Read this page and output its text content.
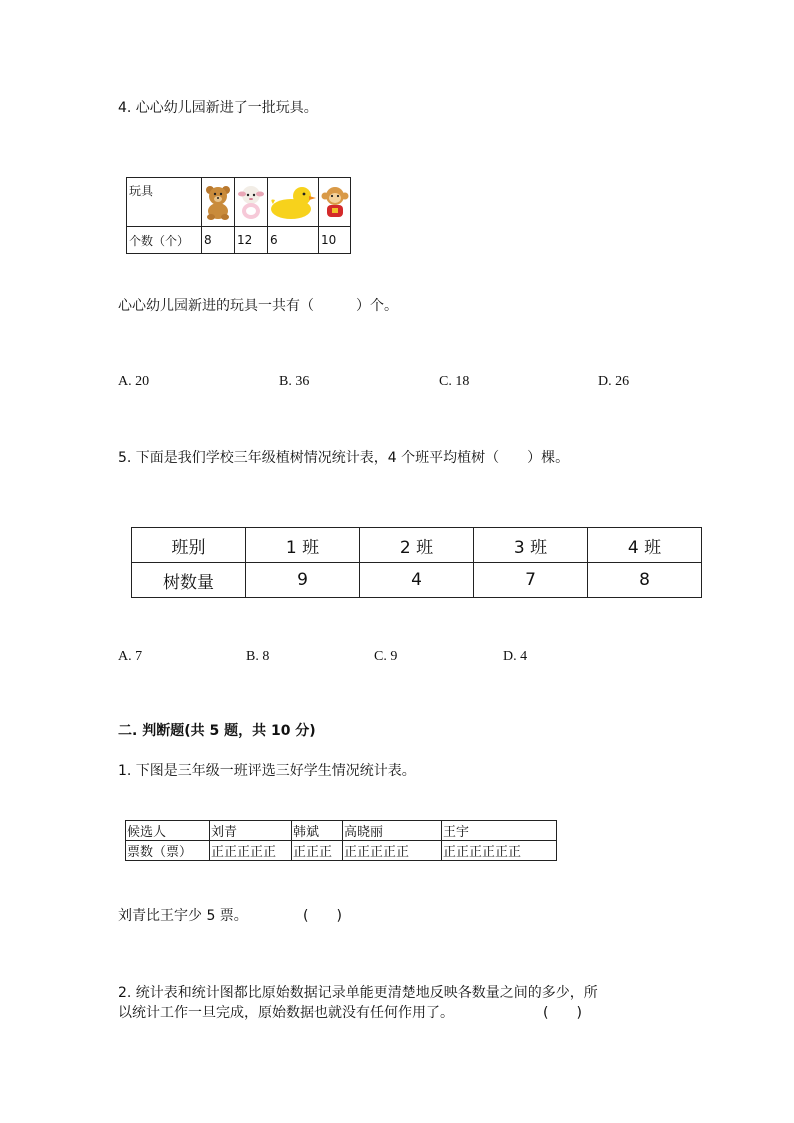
4. 心心幼儿园新进了一批玩具。
玩具	

个数（个）	8	12	6	10
心心幼儿园新进的玩具一共有（　　　）个。
A. 20	B. 36	C. 18	D. 26
5. 下面是我们学校三年级植树情况统计表，4 个班平均植树（　　）棵。
班别	1 班	2 班	3 班	4 班
树数量	9	4	7	8
A. 7	B. 8	C. 9	D. 4
二. 判断题(共 5 题，共 10 分)
1. 下图是三年级一班评选三好学生情况统计表。
候选人	刘青	韩斌	高晓丽	王宇
票数（票）	正正正正正	正正正	正正正正正	正正正正正正
刘青比王宇少 5 票。	(　　)
2. 统计表和统计图都比原始数据记录单能更清楚地反映各数量之间的多少，所
以统计工作一旦完成，原始数据也就没有任何作用了。	(　　)
